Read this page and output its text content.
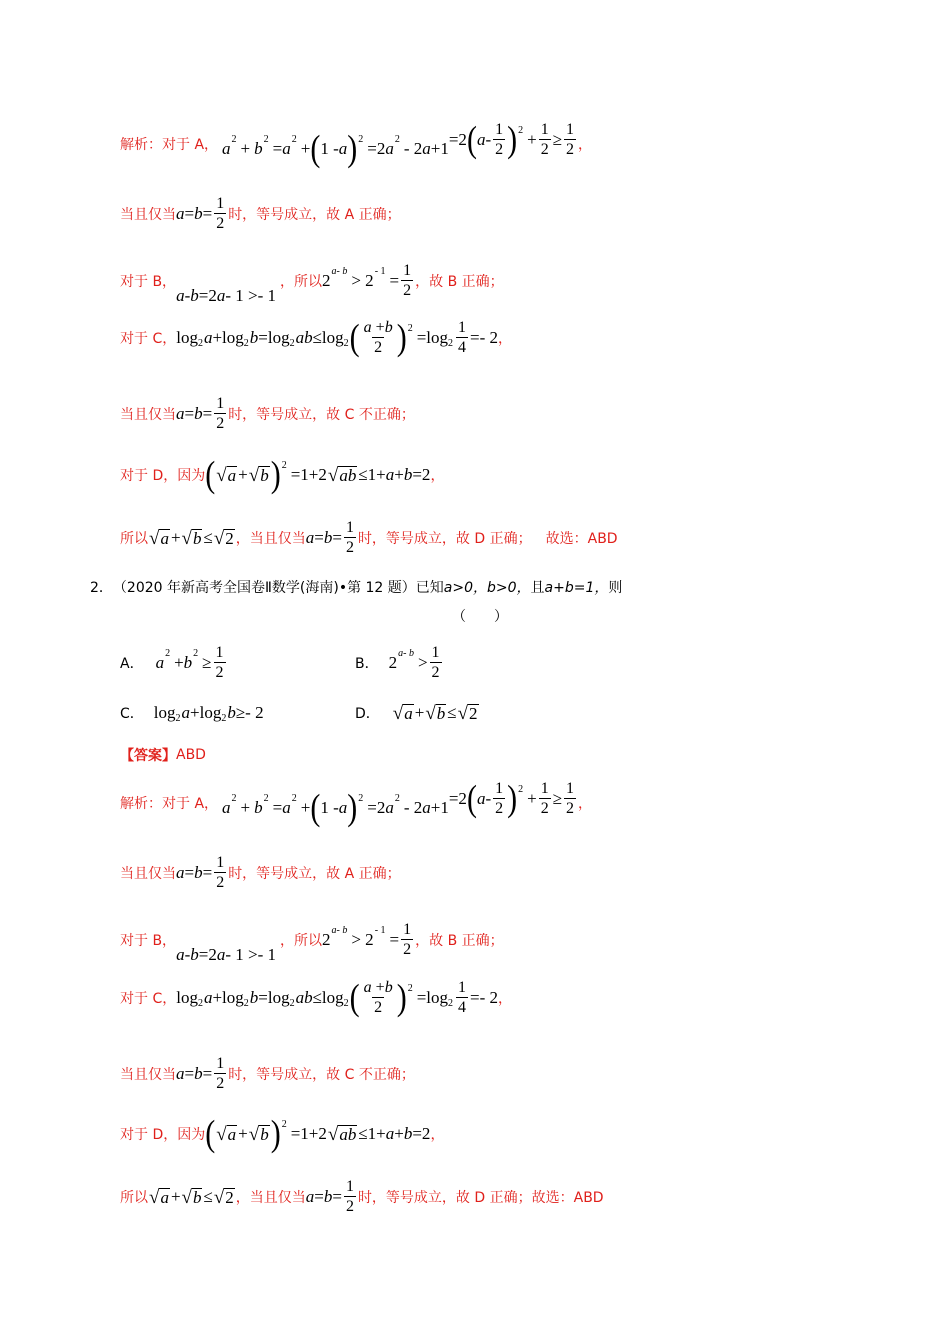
解析：对于 A， a 2 + b 2 = a 2 + ( 1 - a ) 2 =2 a 2 - 2 a +1 =2 ( a - $\frac{1}{2}$ ) $2 + \frac{1}{2} \ge \frac{1}{2}$ ，
当且仅当 $a = b = \frac{1}{2}$ 时，等号成立，故 A 正确；
对于 B，
a - b =2 a - 1 >- 1
，所以 2 a- $b > 2 - 1 = \frac{1}{2}$ ，故 B 正确；
对于 C， log 2 a +log 2 b =log 2 ab ≤log 2 ( $\frac{a +b}{2}$ ) 2 =log $2 \frac{1}{4} =- 2$ ，
当且仅当 $a = b = \frac{1}{2}$ 时，等号成立，故 C 不正确；
对于 D，因为 ( √ a + √ b ) 2 =1+2 √ ab ≤1+ a + b =2 ，
所以 √ a + √ b ≤ √ 2 ，当且仅当 $a = b = \frac{1}{2}$ 时，等号成立，故 D 正确； 故选：ABD
2． （2020 年新高考全国卷Ⅱ数学(海南)•第 12 题）已知 a>0， b>0， 且 a+b=1， 则
（　　）
A． a 2 + b $2 \ge \frac{1}{2}$	B． 2 a- $b > \frac{1}{2}$
C． log 2 a +log 2 b ≥- 2	D． √ a + √ b ≤ √ 2
【答案】 ABD
解析：对于 A， a 2 + b 2 = a 2 + ( 1 - a ) 2 =2 a 2 - 2 a +1 =2 ( a - $\frac{1}{2}$ ) $2 + \frac{1}{2} \ge \frac{1}{2}$ ，
当且仅当 $a = b = \frac{1}{2}$ 时，等号成立，故 A 正确；
对于 B，
a - b =2 a - 1 >- 1
，所以 2 a- $b > 2 - 1 = \frac{1}{2}$ ，故 B 正确；
对于 C， log 2 a +log 2 b =log 2 ab ≤log 2 ( $\frac{a +b}{2}$ ) 2 =log $2 \frac{1}{4} =- 2$ ，
当且仅当 $a = b = \frac{1}{2}$ 时，等号成立，故 C 不正确；
对于 D，因为 ( √ a + √ b ) 2 =1+2 √ ab ≤1+ a + b =2 ，
所以 √ a + √ b ≤ √ 2 ，当且仅当 $a = b = \frac{1}{2}$ 时，等号成立，故 D 正确； 故选：ABD
